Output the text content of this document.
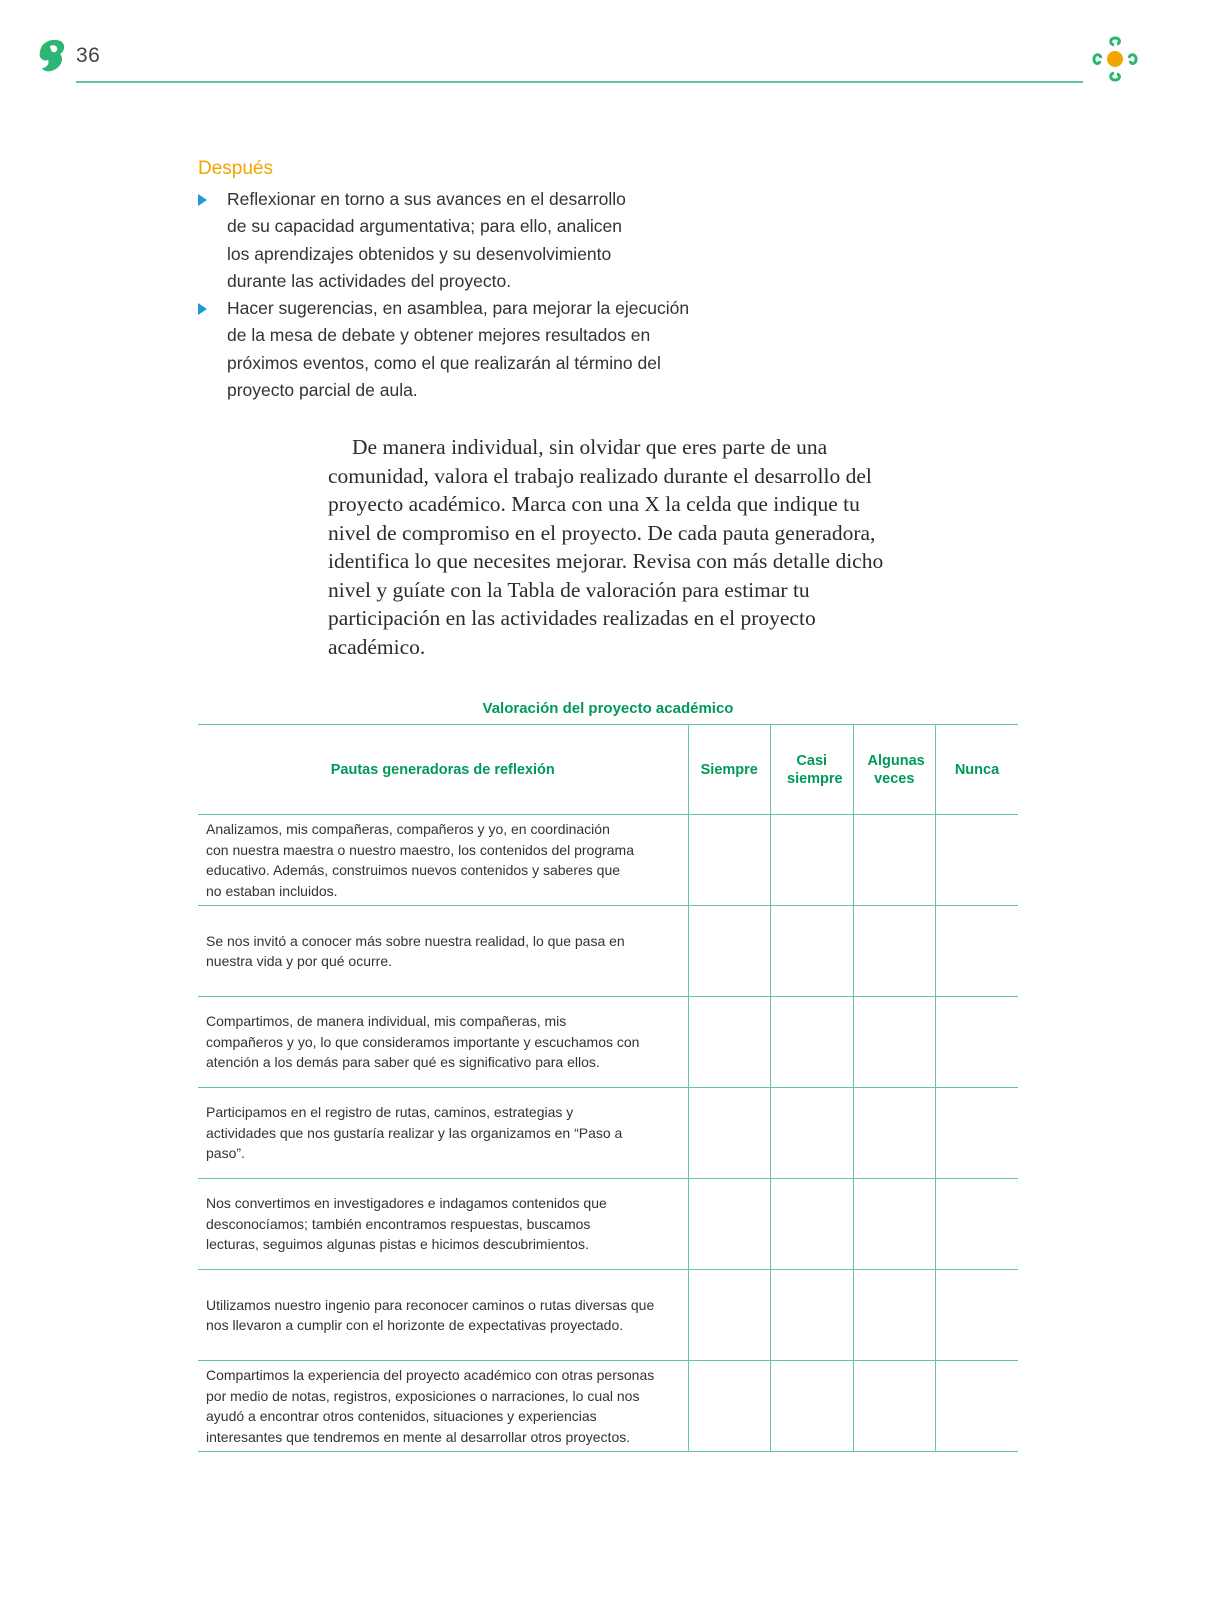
36
Después
Reflexionar en torno a sus avances en el desarrollo de su capacidad argumentativa; para ello, analicen los aprendizajes obtenidos y su desenvolvimiento durante las actividades del proyecto.
Hacer sugerencias, en asamblea, para mejorar la ejecución de la mesa de debate y obtener mejores resultados en próximos eventos, como el que realizarán al término del proyecto parcial de aula.

De manera individual, sin olvidar que eres parte de una comunidad, valora el trabajo realizado durante el desarrollo del proyecto académico. Marca con una X la celda que indique tu nivel de compromiso en el proyecto. De cada pauta generadora, identifica lo que necesites mejorar. Revisa con más detalle dicho nivel y guíate con la Tabla de valoración para estimar tu participación en las actividades realizadas en el proyecto académico.

Valoración del proyecto académico
Pautas generadoras de reflexión	Siempre	Casi siempre	Algunas veces	Nunca

Analizamos, mis compañeras, compañeros y yo, en coordinación con nuestra maestra o nuestro maestro, los contenidos del programa educativo. Además, construimos nuevos contenidos y saberes que no estaban incluidos.				

Se nos invitó a conocer más sobre nuestra realidad, lo que pasa en nuestra vida y por qué ocurre.				

Compartimos, de manera individual, mis compañeras, mis compañeros y yo, lo que consideramos importante y escuchamos con atención a los demás para saber qué es significativo para ellos.				

Participamos en el registro de rutas, caminos, estrategias y actividades que nos gustaría realizar y las organizamos en “Paso a paso”.				

Nos convertimos en investigadores e indagamos contenidos que desconocíamos; también encontramos respuestas, buscamos lecturas, seguimos algunas pistas e hicimos descubrimientos.				

Utilizamos nuestro ingenio para reconocer caminos o rutas diversas que nos llevaron a cumplir con el horizonte de expectativas proyectado.				

Compartimos la experiencia del proyecto académico con otras personas por medio de notas, registros, exposiciones o narraciones, lo cual nos ayudó a encontrar otros contenidos, situaciones y experiencias interesantes que tendremos en mente al desarrollar otros proyectos.				
